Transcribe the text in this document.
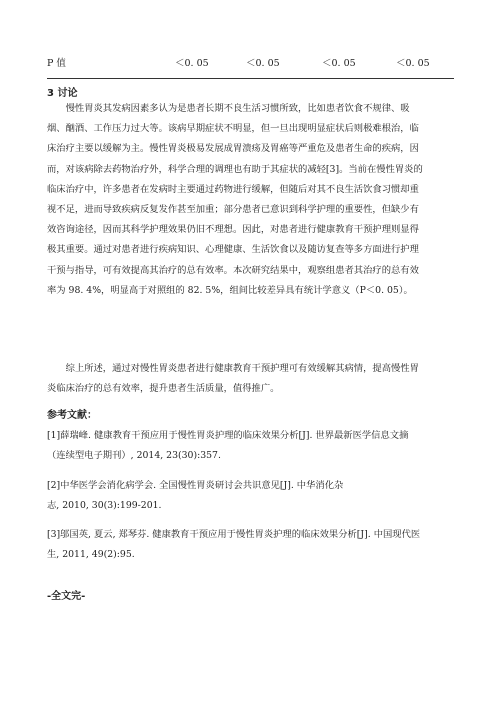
P 值	＜0. 05	＜0. 05	＜0. 05	＜0. 05
3 讨论
　　慢性胃炎其发病因素多认为是患者长期不良生活习惯所致，比如患者饮食不规律、吸
烟、酗酒、工作压力过大等。该病早期症状不明显，但一旦出现明显症状后则极难根治，临
床治疗主要以缓解为主。慢性胃炎极易发展成胃溃疡及胃癌等严重危及患者生命的疾病，因
而，对该病除去药物治疗外，科学合理的调理也有助于其症状的减轻[3]。当前在慢性胃炎的
临床治疗中，许多患者在发病时主要通过药物进行缓解，但随后对其不良生活饮食习惯却重
视不足，进而导致疾病反复发作甚至加重；部分患者已意识到科学护理的重要性，但缺少有
效咨询途径，因而其科学护理效果仍旧不理想。因此，对患者进行健康教育干预护理则显得
极其重要。通过对患者进行疾病知识、心理健康、生活饮食以及随访复查等多方面进行护理
干预与指导，可有效提高其治疗的总有效率。本次研究结果中，观察组患者其治疗的总有效
率为 98. 4%，明显高于对照组的 82. 5%，组间比较差异具有统计学意义（P＜0. 05）。
　　综上所述，通过对慢性胃炎患者进行健康教育干预护理可有效缓解其病情，提高慢性胃
炎临床治疗的总有效率，提升患者生活质量，值得推广。
参考文献：
[1]薛瑞峰. 健康教育干预应用于慢性胃炎护理的临床效果分析[J]. 世界最新医学信息文摘
（连续型电子期刊）, 2014, 23(30):357.
[2]中华医学会消化病学会. 全国慢性胃炎研讨会共识意见[J]. 中华消化杂
志, 2010, 30(3):199-201.
[3]邬国英, 夏云, 郑琴芬. 健康教育干预应用于慢性胃炎护理的临床效果分析[J]. 中国现代医
生, 2011, 49(2):95.
-全文完-
